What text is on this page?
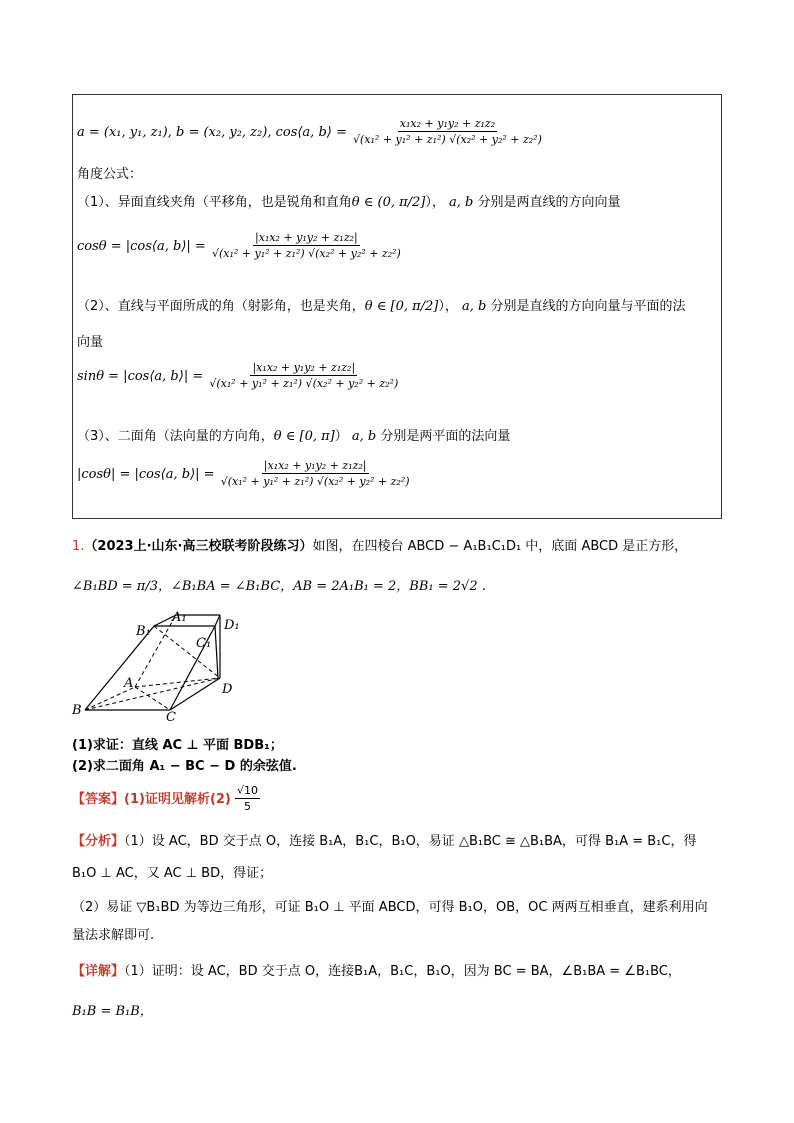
a = (x₁, y₁, z₁), b = (x₂, y₂, z₂), cos⟨a, b⟩ = $\frac{\text{x₁x₂ + y₁y₂ + z₁z₂}}{\text{√(x₁² + y₁² + z₁²) √(x₂² + y₂² + z₂²)}}$
角度公式：
（1）、异面直线夹角（平移角，也是锐角和直角θ ∈ (0, π/2]）， a, b 分别是两直线的方向向量
cosθ = |cos⟨a, b⟩| = $\frac{\text{|x₁x₂ + y₁y₂ + z₁z₂|}}{\text{√(x₁² + y₁² + z₁²) √(x₂² + y₂² + z₂²)}}$
（2）、直线与平面所成的角（射影角，也是夹角，θ ∈ [0, π/2]）， a, b 分别是直线的方向向量与平面的法
向量
sinθ = |cos⟨a, b⟩| = $\frac{\text{|x₁x₂ + y₁y₂ + z₁z₂|}}{\text{√(x₁² + y₁² + z₁²) √(x₂² + y₂² + z₂²)}}$
（3）、二面角（法向量的方向角，θ ∈ [0, π]） a, b 分别是两平面的法向量
|cosθ| = |cos⟨a, b⟩| = $\frac{\text{|x₁x₂ + y₁y₂ + z₁z₂|}}{\text{√(x₁² + y₁² + z₁²) √(x₂² + y₂² + z₂²)}}$
1.（2023上·山东·高三校联考阶段练习）如图，在四棱台 ABCD − A₁B₁C₁D₁ 中，底面 ABCD 是正方形，
∠B₁BD = π/3，∠B₁BA = ∠B₁BC，AB = 2A₁B₁ = 2，BB₁ = 2√2 .
A₁
B₁
C₁
D₁
A
B	C
D
(1)求证：直线 AC ⊥ 平面 BDB₁；
(2)求二面角 A₁ − BC − D 的余弦值.
【答案】(1)证明见解析$(2) \frac{√10}{5}$
【分析】（1）设 AC，BD 交于点 O，连接 B₁A，B₁C，B₁O，易证 △B₁BC ≅ △B₁BA，可得 B₁A = B₁C，得
B₁O ⊥ AC，又 AC ⊥ BD，得证；
（2）易证 ▽B₁BD 为等边三角形，可证 B₁O ⊥ 平面 ABCD，可得 B₁O，OB，OC 两两互相垂直，建系利用向
量法求解即可.
【详解】（1）证明：设 AC，BD 交于点 O，连接B₁A，B₁C，B₁O，因为 BC = BA，∠B₁BA = ∠B₁BC，
B₁B = B₁B，
